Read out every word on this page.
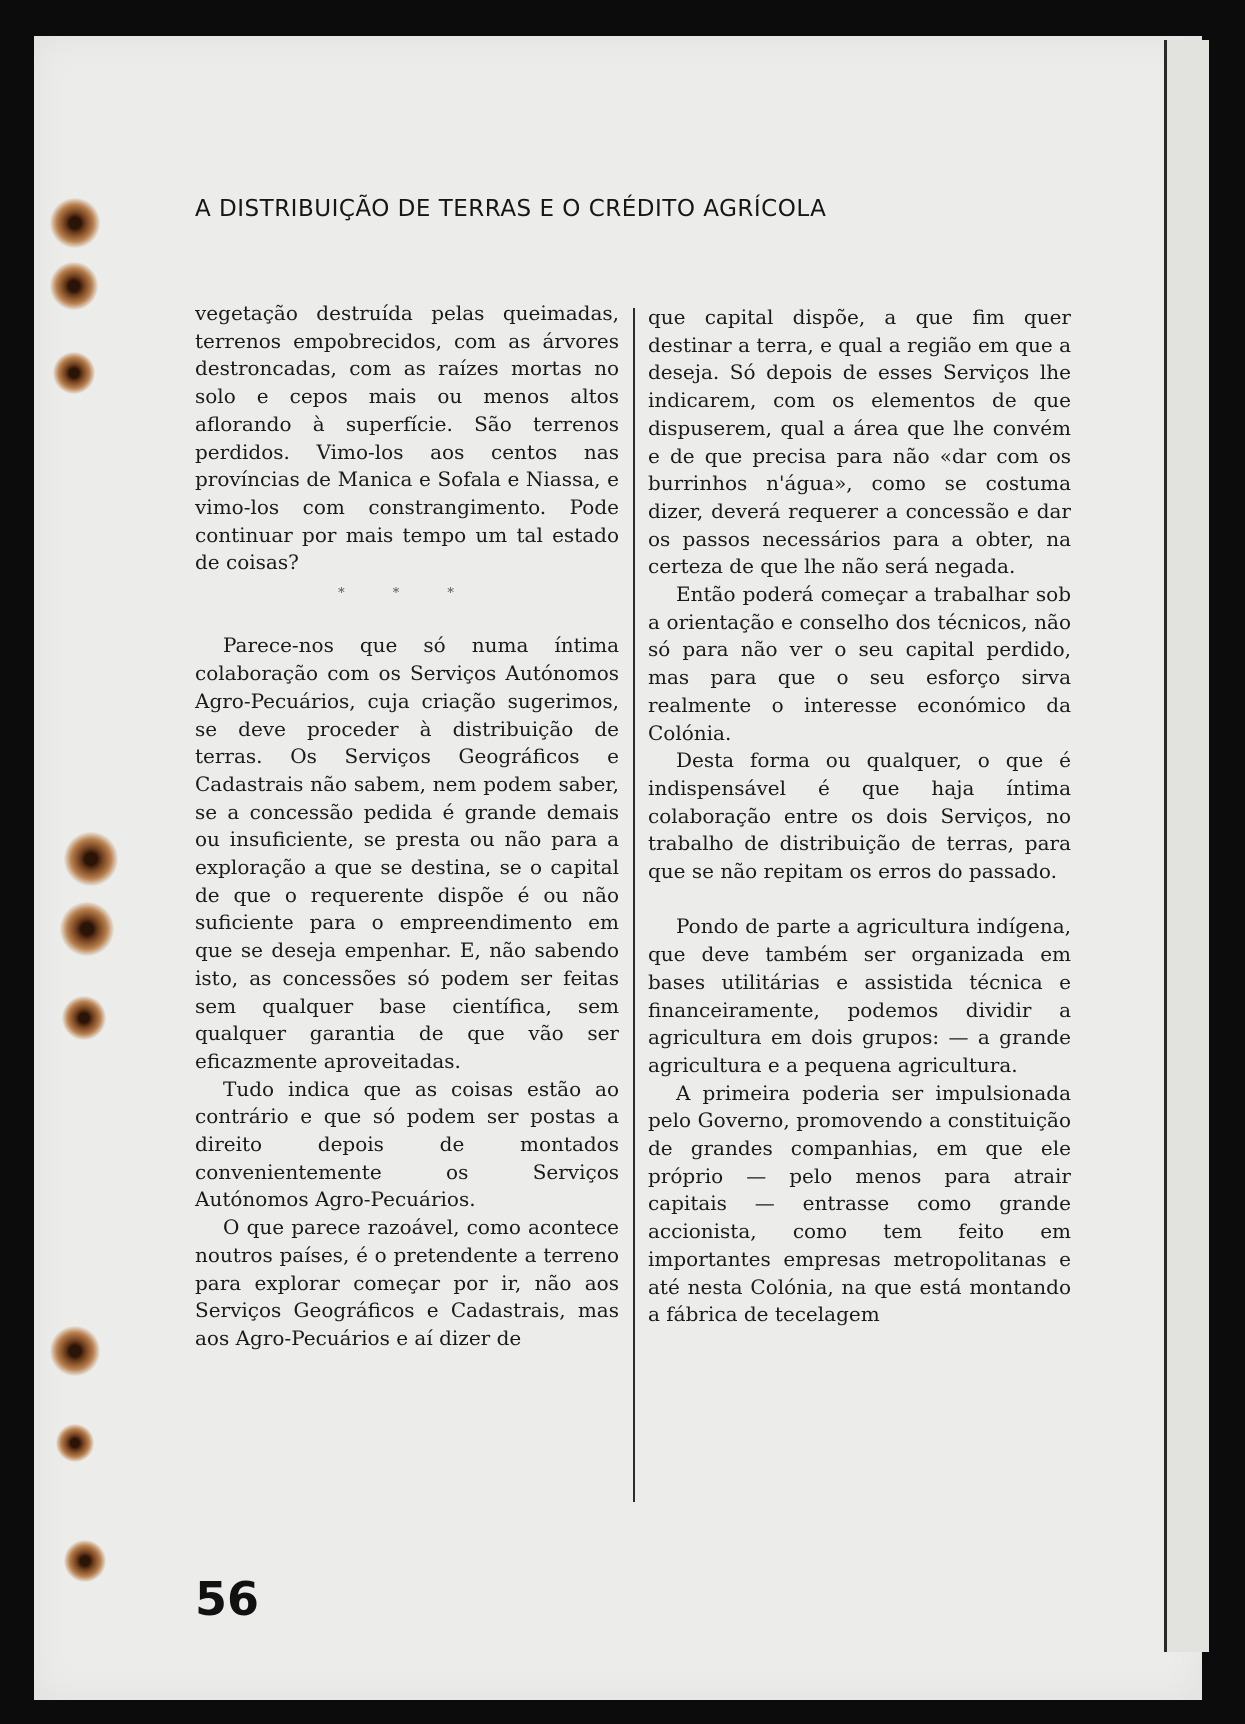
A DISTRIBUIÇÃO DE TERRAS E O CRÉDITO AGRÍCOLA

vegetação destruída pelas queimadas, terrenos empobrecidos, com as árvores destroncadas, com as raízes mortas no solo e cepos mais ou menos altos aflorando à superfície. São terrenos perdidos. Vimo-los aos centos nas províncias de Manica e Sofala e Niassa, e vimo-los com constrangimento. Pode continuar por mais tempo um tal estado de coisas?

* * *

Parece-nos que só numa íntima colaboração com os Serviços Autónomos Agro-Pecuários, cuja criação sugerimos, se deve proceder à distribuição de terras. Os Serviços Geográficos e Cadastrais não sabem, nem podem saber, se a concessão pedida é grande demais ou insuficiente, se presta ou não para a exploração a que se destina, se o capital de que o requerente dispõe é ou não suficiente para o empreendimento em que se deseja empenhar. E, não sabendo isto, as concessões só podem ser feitas sem qualquer base científica, sem qualquer garantia de que vão ser eficazmente aproveitadas.

Tudo indica que as coisas estão ao contrário e que só podem ser postas a direito depois de montados convenientemente os Serviços Autónomos Agro-Pecuários.

O que parece razoável, como acontece noutros países, é o pretendente a terreno para explorar começar por ir, não aos Serviços Geográficos e Cadastrais, mas aos Agro-Pecuários e aí dizer de

que capital dispõe, a que fim quer destinar a terra, e qual a região em que a deseja. Só depois de esses Serviços lhe indicarem, com os elementos de que dispuserem, qual a área que lhe convém e de que precisa para não «dar com os burrinhos n'água», como se costuma dizer, deverá requerer a concessão e dar os passos necessários para a obter, na certeza de que lhe não será negada.

Então poderá começar a trabalhar sob a orientação e conselho dos técnicos, não só para não ver o seu capital perdido, mas para que o seu esforço sirva realmente o interesse económico da Colónia.

Desta forma ou qualquer, o que é indispensável é que haja íntima colaboração entre os dois Serviços, no trabalho de distribuição de terras, para que se não repitam os erros do passado.

Pondo de parte a agricultura indígena, que deve também ser organizada em bases utilitárias e assistida técnica e financeiramente, podemos dividir a agricultura em dois grupos: — a grande agricultura e a pequena agricultura.

A primeira poderia ser impulsionada pelo Governo, promovendo a constituição de grandes companhias, em que ele próprio — pelo menos para atrair capitais — entrasse como grande accionista, como tem feito em importantes empresas metropolitanas e até nesta Colónia, na que está montando a fábrica de tecelagem

56
